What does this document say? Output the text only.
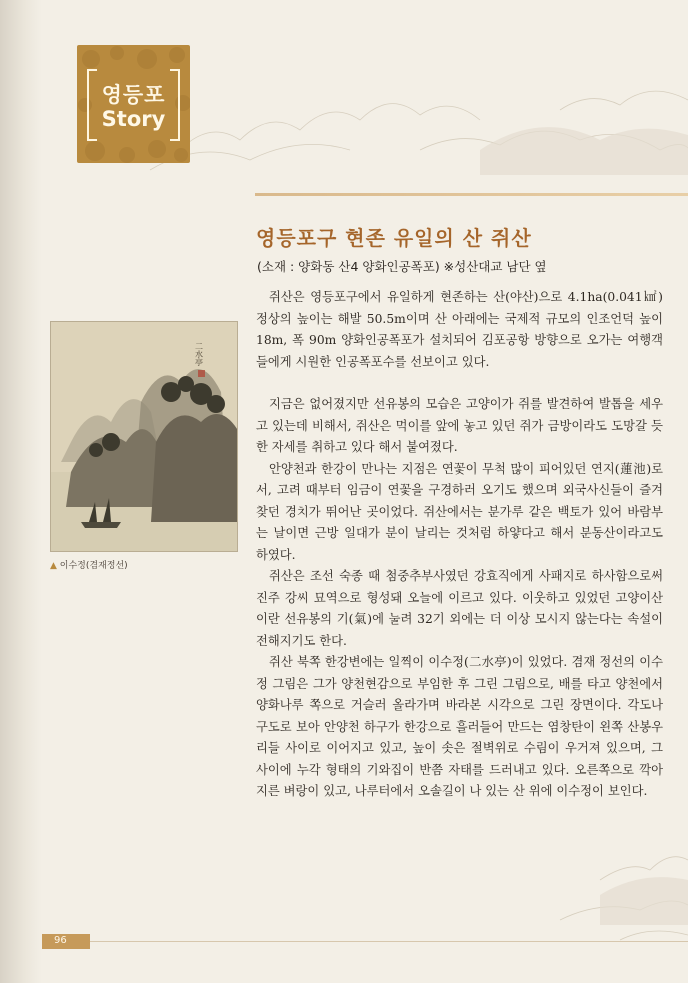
영등포
Story
영등포구 현존 유일의 산 쥐산
(소재 : 양화동 산4 양화인공폭포) ※성산대교 남단 옆

쥐산은 영등포구에서 유일하게 현존하는 산(야산)으로 4.1ha(0.041㎢) 정상의 높이는 해발 50.5m이며 산 아래에는 국제적 규모의 인조언덕 높이 18m, 폭 90m 양화인공폭포가 설치되어 김포공항 방향으로 오가는 여행객들에게 시원한 인공폭포수를 선보이고 있다.

지금은 없어졌지만 선유봉의 모습은 고양이가 쥐를 발견하여 발톱을 세우고 있는데 비해서, 쥐산은 먹이를 앞에 놓고 있던 쥐가 금방이라도 도망갈 듯한 자세를 취하고 있다 해서 붙여졌다.

안양천과 한강이 만나는 지점은 연꽃이 무척 많이 피어있던 연지(蓮池)로서, 고려 때부터 임금이 연꽃을 구경하러 오기도 했으며 외국사신들이 즐겨찾던 경치가 뛰어난 곳이었다. 쥐산에서는 분가루 같은 백토가 있어 바람부는 날이면 근방 일대가 분이 날리는 것처럼 하얗다고 해서 분동산이라고도 하였다.

쥐산은 조선 숙종 때 첨중추부사였던 강효직에게 사패지로 하사함으로써 진주 강씨 묘역으로 형성돼 오늘에 이르고 있다. 이웃하고 있었던 고양이산이란 선유봉의 기(氣)에 눌려 32기 외에는 더 이상 모시지 않는다는 속설이 전해지기도 한다.

쥐산 북쪽 한강변에는 일찍이 이수정(二水亭)이 있었다. 겸재 정선의 이수정 그림은 그가 양천현감으로 부임한 후 그린 그림으로, 배를 타고 양천에서 양화나루 쪽으로 거슬러 올라가며 바라본 시각으로 그린 장면이다. 각도나 구도로 보아 안양천 하구가 한강으로 흘러들어 만드는 염창탄이 왼쪽 산봉우리들 사이로 이어지고 있고, 높이 솟은 절벽위로 수림이 우거져 있으며, 그 사이에 누각 형태의 기와집이 반쯤 자태를 드러내고 있다. 오른쪽으로 깍아지른 벼랑이 있고, 나루터에서 오솔길이 나 있는 산 위에 이수정이 보인다.

二水亭
▲ 이수정(겸재정선)
96
